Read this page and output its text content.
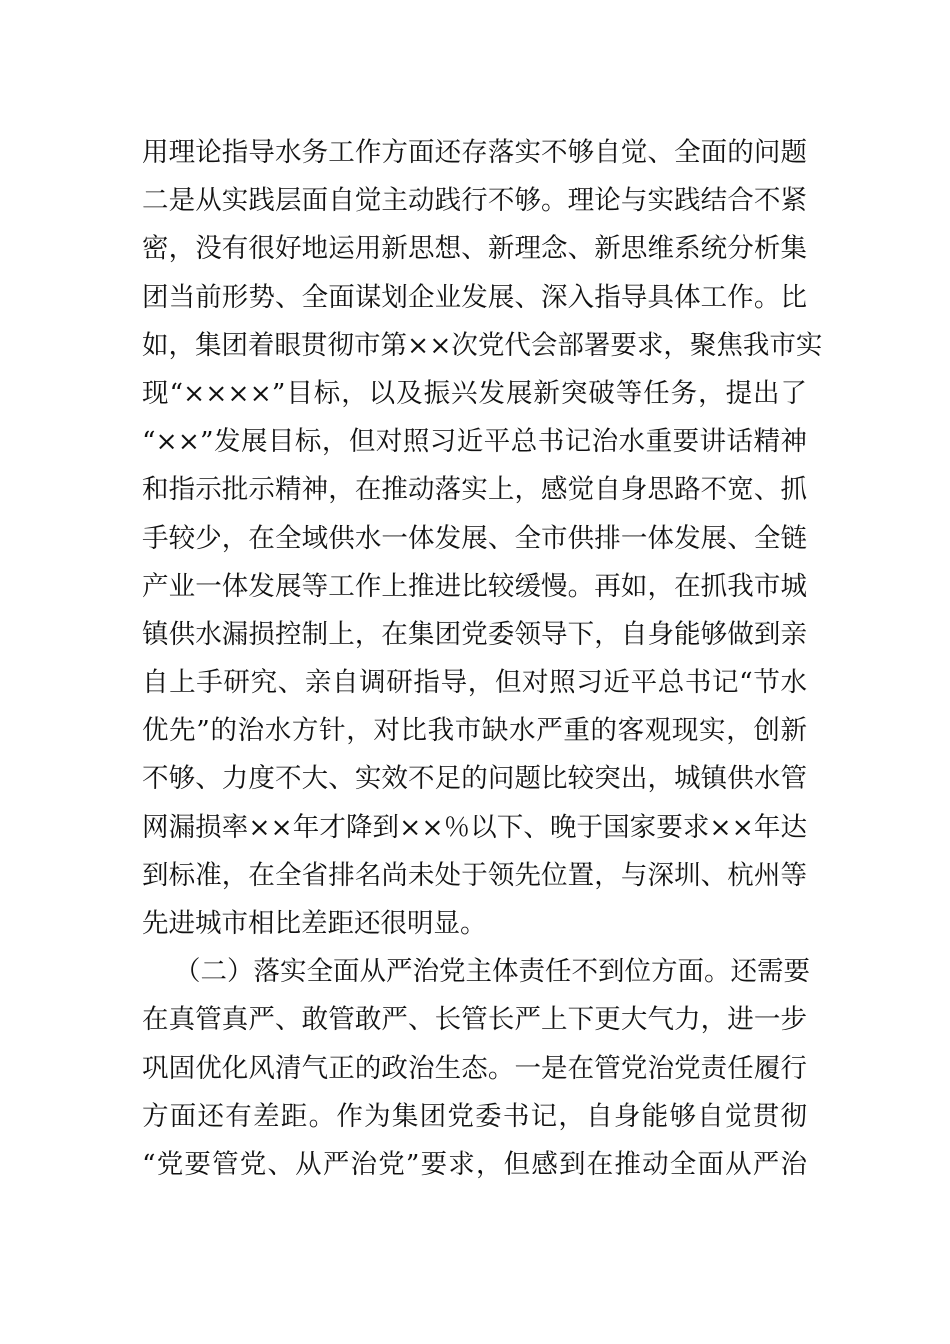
用理论指导水务工作方面还存落实不够自觉、全面的问题
二是从实践层面自觉主动践行不够。理论与实践结合不紧
密，没有很好地运用新思想、新理念、新思维系统分析集
团当前形势、全面谋划企业发展、深入指导具体工作。比
如，集团着眼贯彻市第××次党代会部署要求，聚焦我市实
现“××××”目标，以及振兴发展新突破等任务，提出了
“××”发展目标，但对照习近平总书记治水重要讲话精神
和指示批示精神，在推动落实上，感觉自身思路不宽、抓
手较少，在全域供水一体发展、全市供排一体发展、全链
产业一体发展等工作上推进比较缓慢。再如，在抓我市城
镇供水漏损控制上，在集团党委领导下，自身能够做到亲
自上手研究、亲自调研指导，但对照习近平总书记“节水
优先”的治水方针，对比我市缺水严重的客观现实，创新
不够、力度不大、实效不足的问题比较突出，城镇供水管
网漏损率××年才降到××％以下、晚于国家要求××年达
到标准，在全省排名尚未处于领先位置，与深圳、杭州等
先进城市相比差距还很明显。
（二）落实全面从严治党主体责任不到位方面。还需要
在真管真严、敢管敢严、长管长严上下更大气力，进一步
巩固优化风清气正的政治生态。一是在管党治党责任履行
方面还有差距。作为集团党委书记，自身能够自觉贯彻
“党要管党、从严治党”要求，但感到在推动全面从严治
